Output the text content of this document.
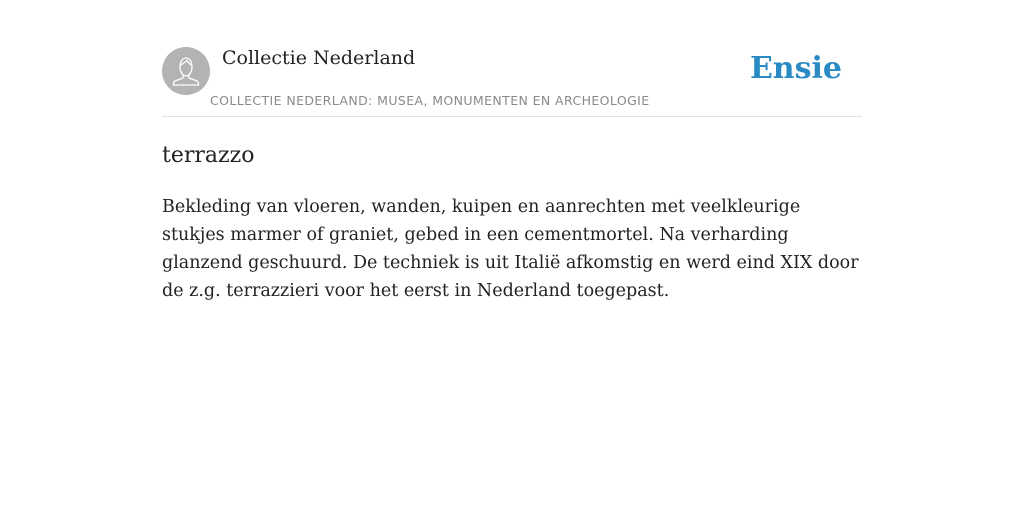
Collectie Nederland
COLLECTIE NEDERLAND: MUSEA, MONUMENTEN EN ARCHEOLOGIE
Ensie
terrazzo

Bekleding van vloeren, wanden, kuipen en aanrechten met veelkleurige stukjes marmer of graniet, gebed in een cementmortel. Na verharding glanzend geschuurd. De techniek is uit Italië afkomstig en werd eind XIX door de z.g. terrazzieri voor het eerst in Nederland toegepast.
